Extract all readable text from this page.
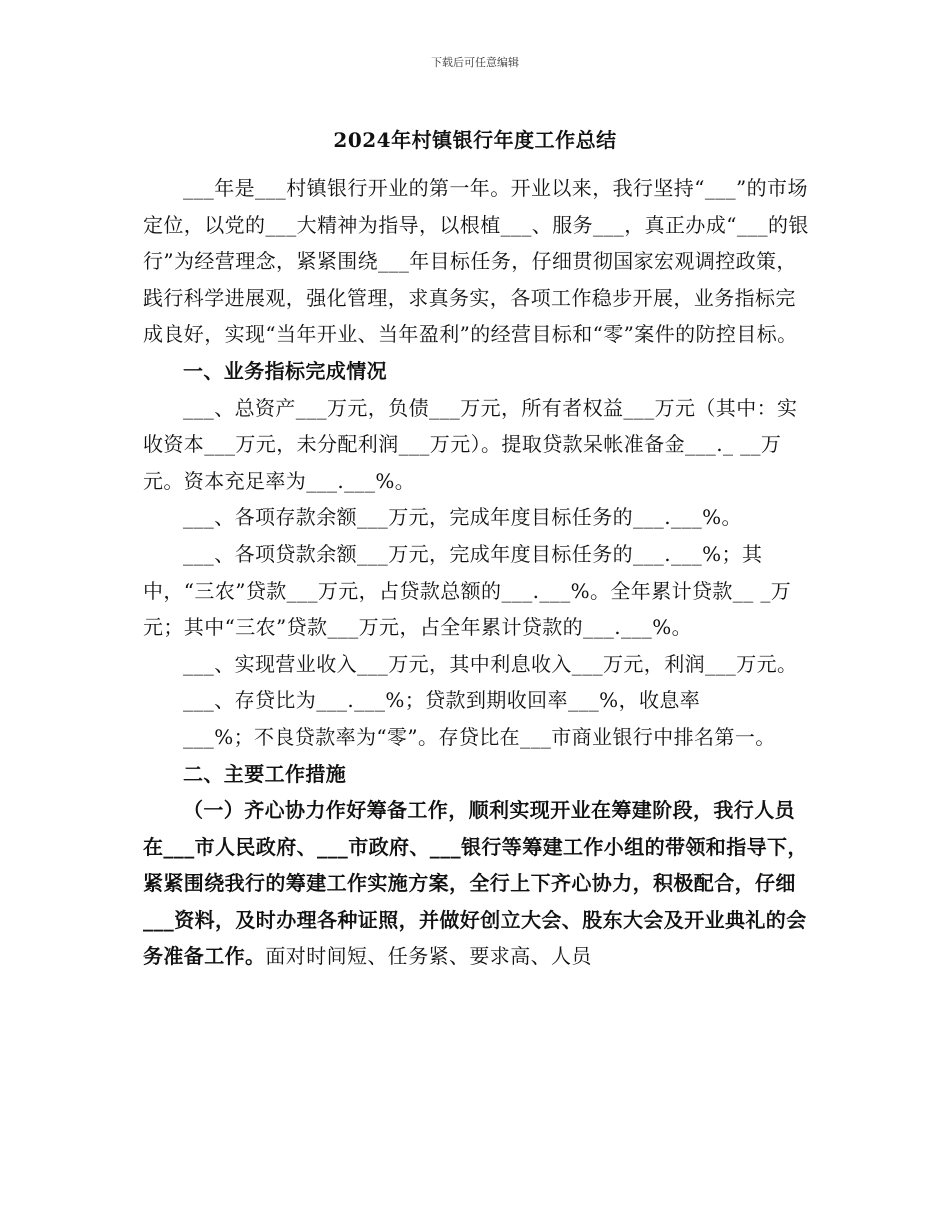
下载后可任意编辑
2024年村镇银行年度工作总结

___年是___村镇银行开业的第一年。开业以来，我行坚持“___”的市场定位，以党的___大精神为指导，以根植___、服务___，真正办成“___的银行”为经营理念，紧紧围绕___年目标任务，仔细贯彻国家宏观调控政策，践行科学进展观，强化管理，求真务实，各项工作稳步开展，业务指标完成良好，实现“当年开业、当年盈利”的经营目标和“零”案件的防控目标。

一、业务指标完成情况

___、总资产___万元，负债___万元，所有者权益___万元（其中：实收资本___万元，未分配利润___万元）。提取贷款呆帐准备金___._ __万元。资本充足率为___.___%。

___、各项存款余额___万元，完成年度目标任务的___.___%。

___、各项贷款余额___万元，完成年度目标任务的___.___%；其中，“三农”贷款___万元，占贷款总额的___.___%。全年累计贷款__ _万元；其中“三农”贷款___万元，占全年累计贷款的___.___%。

___、实现营业收入___万元，其中利息收入___万元，利润___万元。

___、存贷比为___.___%；贷款到期收回率___%，收息率

___%；不良贷款率为“零”。存贷比在___市商业银行中排名第一。

二、主要工作措施

（一）齐心协力作好筹备工作，顺利实现开业在筹建阶段，我行人员在___市人民政府、___市政府、___银行等筹建工作小组的带领和指导下，紧紧围绕我行的筹建工作实施方案，全行上下齐心协力，积极配合，仔细___资料，及时办理各种证照，并做好创立大会、股东大会及开业典礼的会务准备工作。面对时间短、任务紧、要求高、人员
